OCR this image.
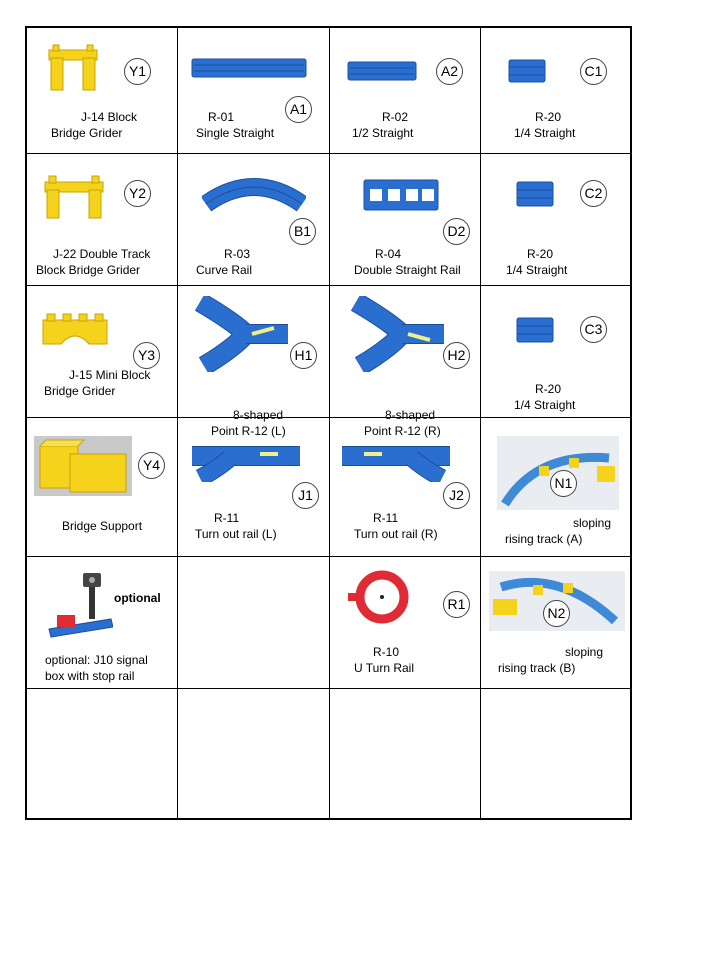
Y1
J-14 Block
Bridge Grider
A1
R-01
Single Straight
A2
R-02
1/2 Straight
C1
R-20
1/4 Straight
Y2
J-22 Double Track
Block Bridge Grider
B1
R-03
Curve Rail
D2
R-04
Double Straight Rail
C2
R-20
1/4 Straight
Y3
J-15 Mini Block
Bridge Grider
H1
8-shaped
Point R-12 (L)
H2
8-shaped
Point R-12 (R)
C3
R-20
1/4 Straight
Y4
Bridge Support
J1
R-11
Turn out rail (L)
J2
R-11
Turn out rail (R)
N1
sloping
rising track (A)
optional
optional: J10 signal
box with stop rail
R1
R-10
U Turn Rail
N2
sloping
rising track (B)
